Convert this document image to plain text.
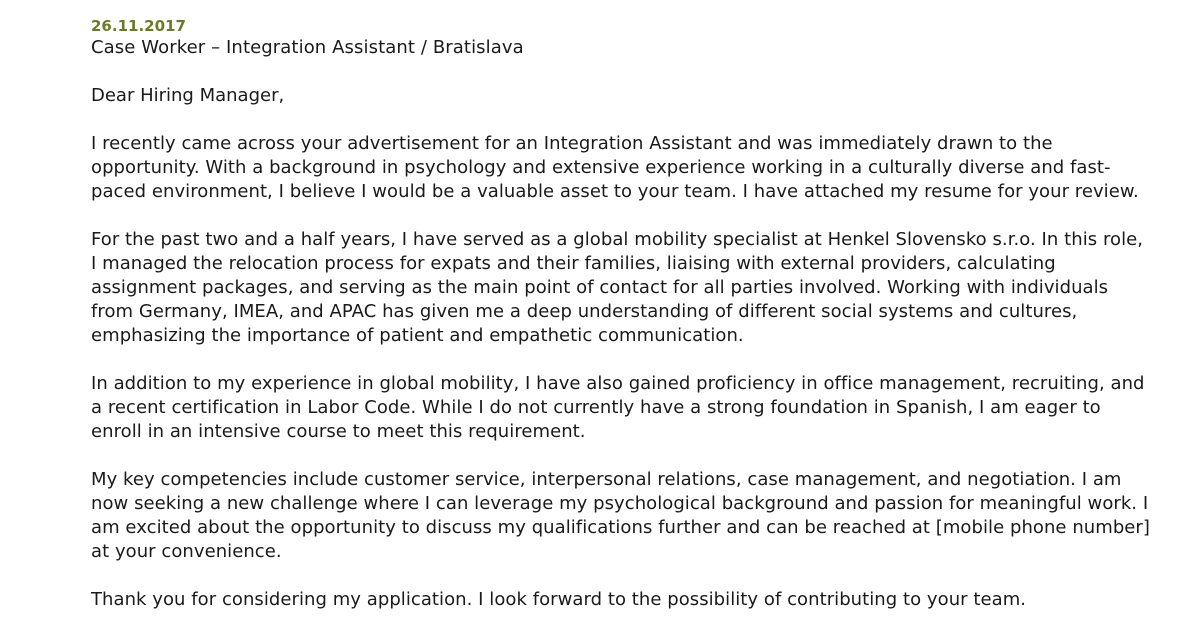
26.11.2017

Case Worker – Integration Assistant / Bratislava

Dear Hiring Manager,

I recently came across your advertisement for an Integration Assistant and was immediately drawn to the opportunity. With a background in psychology and extensive experience working in a culturally diverse and fast-paced environment, I believe I would be a valuable asset to your team. I have attached my resume for your review.

For the past two and a half years, I have served as a global mobility specialist at Henkel Slovensko s.r.o. In this role, I managed the relocation process for expats and their families, liaising with external providers, calculating assignment packages, and serving as the main point of contact for all parties involved. Working with individuals from Germany, IMEA, and APAC has given me a deep understanding of different social systems and cultures, emphasizing the importance of patient and empathetic communication.

In addition to my experience in global mobility, I have also gained proficiency in office management, recruiting, and a recent certification in Labor Code. While I do not currently have a strong foundation in Spanish, I am eager to enroll in an intensive course to meet this requirement.

My key competencies include customer service, interpersonal relations, case management, and negotiation. I am now seeking a new challenge where I can leverage my psychological background and passion for meaningful work. I am excited about the opportunity to discuss my qualifications further and can be reached at [mobile phone number] at your convenience.

Thank you for considering my application. I look forward to the possibility of contributing to your team.
